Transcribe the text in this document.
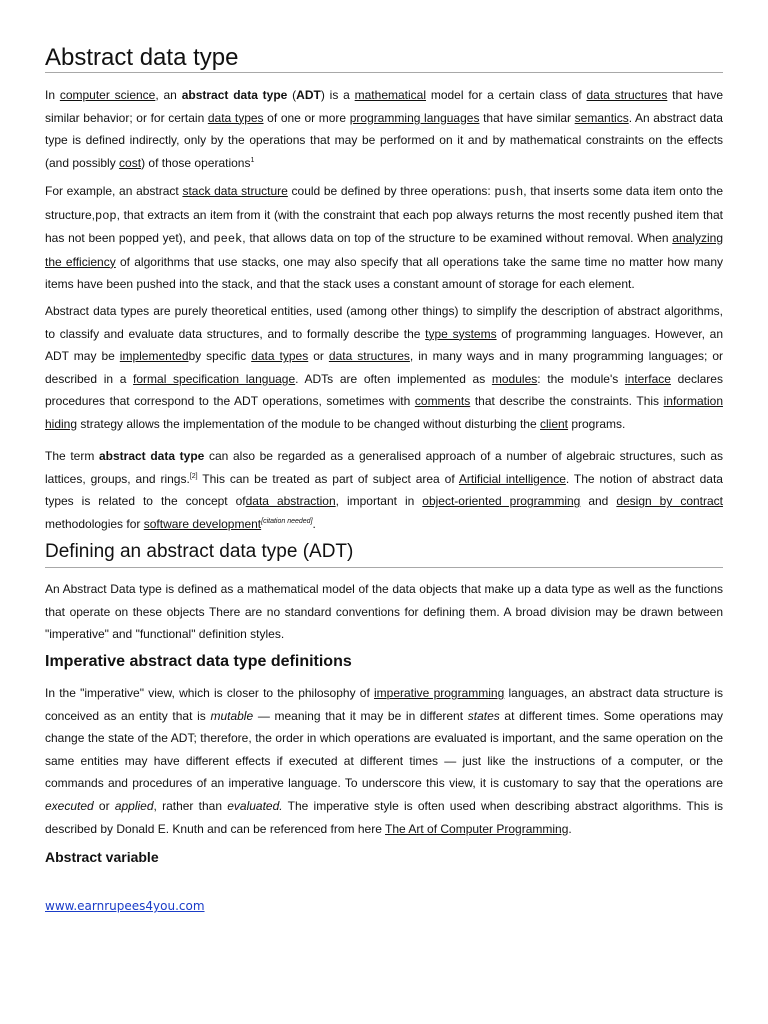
Abstract data type

In computer science, an abstract data type (ADT) is a mathematical model for a certain class of data structures that have similar behavior; or for certain data types of one or more programming languages that have similar semantics. An abstract data type is defined indirectly, only by the operations that may be performed on it and by mathematical constraints on the effects (and possibly cost) of those operations$^1$

For example, an abstract stack data structure could be defined by three operations: push, that inserts some data item onto the structure,pop, that extracts an item from it (with the constraint that each pop always returns the most recently pushed item that has not been popped yet), and peek, that allows data on top of the structure to be examined without removal. When analyzing the efficiency of algorithms that use stacks, one may also specify that all operations take the same time no matter how many items have been pushed into the stack, and that the stack uses a constant amount of storage for each element.

Abstract data types are purely theoretical entities, used (among other things) to simplify the description of abstract algorithms, to classify and evaluate data structures, and to formally describe the type systems of programming languages. However, an ADT may be implementedby specific data types or data structures, in many ways and in many programming languages; or described in a formal specification language. ADTs are often implemented as modules: the module's interface declares procedures that correspond to the ADT operations, sometimes with comments that describe the constraints. This information hiding strategy allows the implementation of the module to be changed without disturbing the client programs.

The term abstract data type can also be regarded as a generalised approach of a number of algebraic structures, such as lattices, groups, and rings.[2] This can be treated as part of subject area of Artificial intelligence. The notion of abstract data types is related to the concept ofdata abstraction, important in object-oriented programming and design by contract methodologies for software development[citation needed].

Defining an abstract data type (ADT)

An Abstract Data type is defined as a mathematical model of the data objects that make up a data type as well as the functions that operate on these objects There are no standard conventions for defining them. A broad division may be drawn between "imperative" and "functional" definition styles.

Imperative abstract data type definitions

In the "imperative" view, which is closer to the philosophy of imperative programming languages, an abstract data structure is conceived as an entity that is mutable — meaning that it may be in different states at different times. Some operations may change the state of the ADT; therefore, the order in which operations are evaluated is important, and the same operation on the same entities may have different effects if executed at different times — just like the instructions of a computer, or the commands and procedures of an imperative language. To underscore this view, it is customary to say that the operations are executed or applied, rather than evaluated. The imperative style is often used when describing abstract algorithms. This is described by Donald E. Knuth and can be referenced from here The Art of Computer Programming.

Abstract variable
www.earnrupees4you.com
